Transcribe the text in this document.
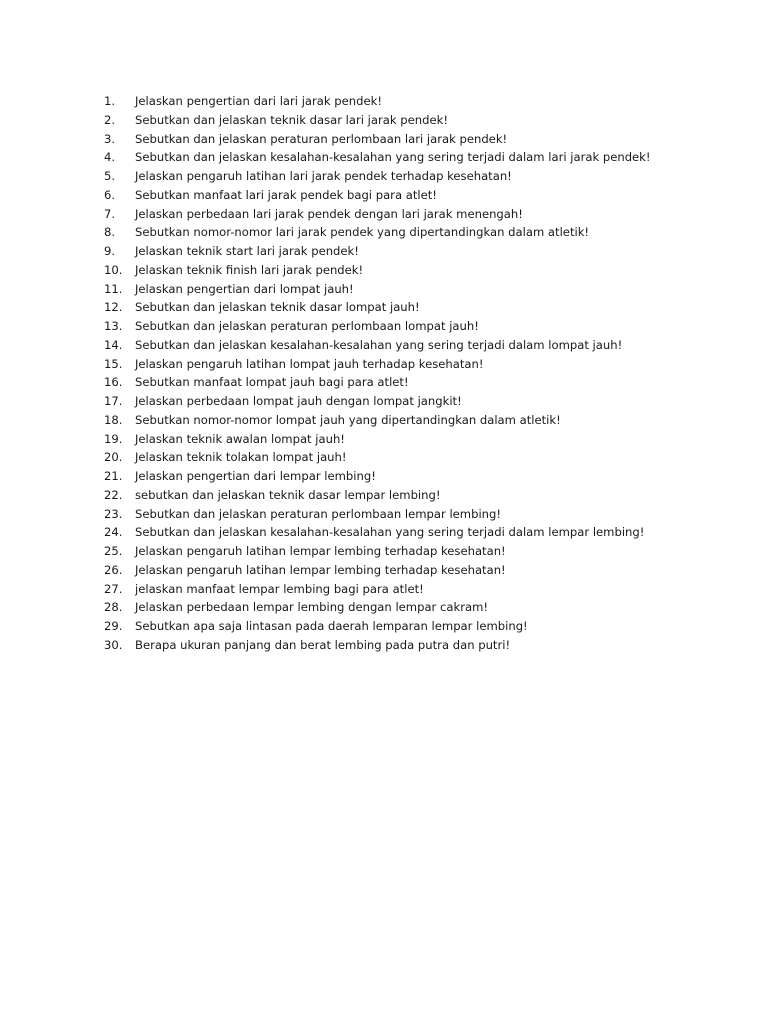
1.	Jelaskan pengertian dari lari jarak pendek!
2.	Sebutkan dan jelaskan teknik dasar lari jarak pendek!
3.	Sebutkan dan jelaskan peraturan perlombaan lari jarak pendek!
4.	Sebutkan dan jelaskan kesalahan-kesalahan yang sering terjadi dalam lari jarak pendek!
5.	Jelaskan pengaruh latihan lari jarak pendek terhadap kesehatan!
6.	Sebutkan manfaat lari jarak pendek bagi para atlet!
7.	Jelaskan perbedaan lari jarak pendek dengan lari jarak menengah!
8.	Sebutkan nomor-nomor lari jarak pendek yang dipertandingkan dalam atletik!
9.	Jelaskan teknik start lari jarak pendek!
10.	Jelaskan teknik finish lari jarak pendek!
11.	Jelaskan pengertian dari lompat jauh!
12.	Sebutkan dan jelaskan teknik dasar lompat jauh!
13.	Sebutkan dan jelaskan peraturan perlombaan lompat jauh!
14.	Sebutkan dan jelaskan kesalahan-kesalahan yang sering terjadi dalam lompat jauh!
15.	Jelaskan pengaruh latihan lompat jauh terhadap kesehatan!
16.	Sebutkan manfaat lompat jauh bagi para atlet!
17.	Jelaskan perbedaan lompat jauh dengan lompat jangkit!
18.	Sebutkan nomor-nomor lompat jauh yang dipertandingkan dalam atletik!
19.	Jelaskan teknik awalan lompat jauh!
20.	Jelaskan teknik tolakan lompat jauh!
21.	Jelaskan pengertian dari lempar lembing!
22.	sebutkan dan jelaskan teknik dasar lempar lembing!
23.	Sebutkan dan jelaskan peraturan perlombaan lempar lembing!
24.	Sebutkan dan jelaskan kesalahan-kesalahan yang sering terjadi dalam lempar lembing!
25.	Jelaskan pengaruh latihan lempar lembing terhadap kesehatan!
26.	Jelaskan pengaruh latihan lempar lembing terhadap kesehatan!
27.	jelaskan manfaat lempar lembing bagi para atlet!
28.	Jelaskan perbedaan lempar lembing dengan lempar cakram!
29.	Sebutkan apa saja lintasan pada daerah lemparan lempar lembing!
30.	Berapa ukuran panjang dan berat lembing pada putra dan putri!
